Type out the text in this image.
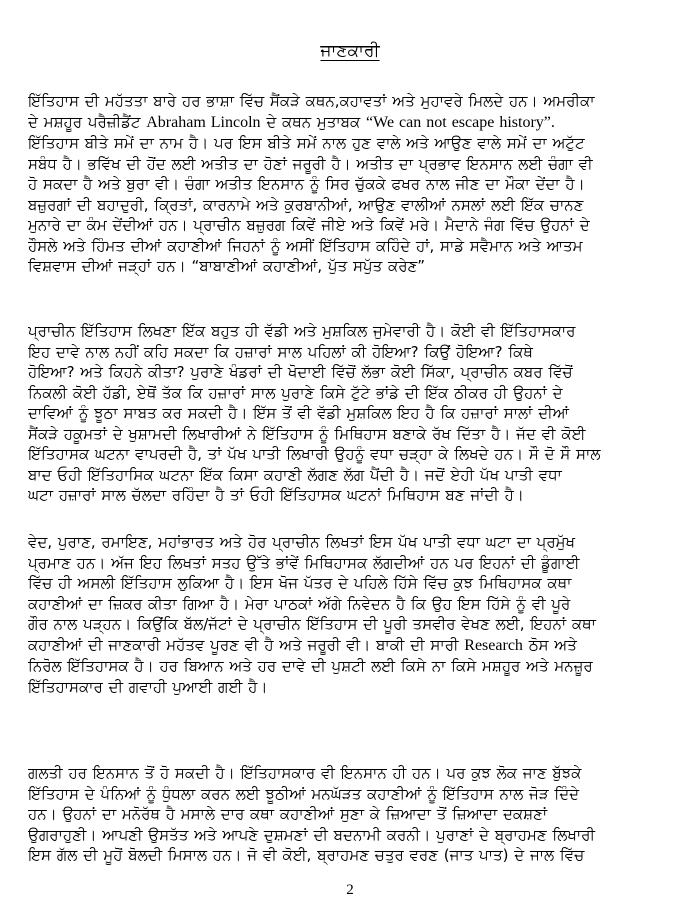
ਜਾਣਕਾਰੀ

ਇੱਤਿਹਾਸ ਦੀ ਮਹੱਤਤਾ ਬਾਰੇ ਹਰ ਭਾਸ਼ਾ ਵਿੱਚ ਸੈਂਕੜੇ ਕਥਨ,ਕਹਾਵਤਾਂ ਅਤੇ ਮੁਹਾਵਰੇ ਮਿਲਦੇ ਹਨ। ਅਮਰੀਕਾ
ਦੇ ਮਸ਼ਹੂਰ ਪਰੈਜ਼ੀਡੈਂਟ Abraham Lincoln ਦੇ ਕਥਨ ਮੁਤਾਬਕ “We can not escape history”.
ਇੱਤਿਹਾਸ ਬੀਤੇ ਸਮੇਂ ਦਾ ਨਾਮ ਹੈ। ਪਰ ਇਸ ਬੀਤੇ ਸਮੇਂ ਨਾਲ ਹੁਣ ਵਾਲੇ ਅਤੇ ਆਉਣ ਵਾਲੇ ਸਮੇਂ ਦਾ ਅਟੁੱਟ
ਸਬੰਧ ਹੈ। ਭਵਿੱਖ ਦੀ ਹੋਂਦ ਲਈ ਅਤੀਤ ਦਾ ਹੋਣਾਂ ਜਰੂਰੀ ਹੈ। ਅਤੀਤ ਦਾ ਪ੍ਰਭਾਵ ਇਨਸਾਨ ਲਈ ਚੰਗਾ ਵੀ
ਹੋ ਸਕਦਾ ਹੈ ਅਤੇ ਬੁਰਾ ਵੀ। ਚੰਗਾ ਅਤੀਤ ਇਨਸਾਨ ਨੂੰ ਸਿਰ ਚੁੱਕਕੇ ਫਖਰ ਨਾਲ ਜੀਣ ਦਾ ਮੌਕਾ ਦੇਂਦਾ ਹੈ।
ਬਜ਼ੁਰਗਾਂ ਦੀ ਬਹਾਦੁਰੀ, ਕ੍ਰਿਤਾਂ, ਕਾਰਨਾਮੇ ਅਤੇ ਕੁਰਬਾਨੀਆਂ, ਆਉਣ ਵਾਲੀਆਂ ਨਸਲਾਂ ਲਈ ਇੱਕ ਚਾਨਣ
ਮੁਨਾਰੇ ਦਾ ਕੰਮ ਦੇਂਦੀਆਂ ਹਨ। ਪ੍ਰਾਚੀਨ ਬਜ਼ੁਰਗ ਕਿਵੇਂ ਜੀਏ ਅਤੇ ਕਿਵੇਂ ਮਰੇ। ਮੈਦਾਨੇ ਜੰਗ ਵਿੱਚ ਉਹਨਾਂ ਦੇ
ਹੌਸਲੇ ਅਤੇ ਹਿੰਮਤ ਦੀਆਂ ਕਹਾਣੀਆਂ ਜਿਹਨਾਂ ਨੂੰ ਅਸੀਂ ਇੱਤਿਹਾਸ ਕਹਿੰਦੇ ਹਾਂ, ਸਾਡੇ ਸਵੈਮਾਨ ਅਤੇ ਆਤਮ
ਵਿਸ਼ਵਾਸ ਦੀਆਂ ਜੜ੍ਹਾਂ ਹਨ। “ਬਾਬਾਣੀਆਂ ਕਹਾਣੀਆਂ, ਪੁੱਤ ਸਪੁੱਤ ਕਰੇਣ”

ਪ੍ਰਾਚੀਨ ਇੱਤਿਹਾਸ ਲਿਖਣਾ ਇੱਕ ਬਹੁਤ ਹੀ ਵੱਡੀ ਅਤੇ ਮੁਸ਼ਕਿਲ ਜੁਮੇਵਾਰੀ ਹੈ। ਕੋਈ ਵੀ ਇੱਤਿਹਾਸਕਾਰ
ਇਹ ਦਾਵੇ ਨਾਲ ਨਹੀਂ ਕਹਿ ਸਕਦਾ ਕਿ ਹਜ਼ਾਰਾਂ ਸਾਲ ਪਹਿਲਾਂ ਕੀ ਹੋਇਆ? ਕਿਉਂ ਹੋਇਆ? ਕਿਥੇ
ਹੋਇਆ? ਅਤੇ ਕਿਹਨੇ ਕੀਤਾ? ਪੁਰਾਣੇ ਖੰਡਰਾਂ ਦੀ ਖੋਦਾਈ ਵਿੱਚੋਂ ਲੱਭਾ ਕੋਈ ਸਿੱਕਾ, ਪ੍ਰਾਚੀਨ ਕਬਰ ਵਿੱਚੋਂ
ਨਿਕਲੀ ਕੋਈ ਹੱਡੀ, ਏਥੋਂ ਤੱਕ ਕਿ ਹਜ਼ਾਰਾਂ ਸਾਲ ਪੁਰਾਣੇ ਕਿਸੇ ਟੁੱਟੇ ਭਾਂਡੇ ਦੀ ਇੱਕ ਠੀਕਰ ਹੀ ਉਹਨਾਂ ਦੇ
ਦਾਵਿਆਂ ਨੂੰ ਝੂਠਾ ਸਾਬਤ ਕਰ ਸਕਦੀ ਹੈ। ਇੱਸ ਤੋਂ ਵੀ ਵੱਡੀ ਮੁਸ਼ਕਿਲ ਇਹ ਹੈ ਕਿ ਹਜ਼ਾਰਾਂ ਸਾਲਾਂ ਦੀਆਂ
ਸੈਂਕੜੇ ਹਕੂਮਤਾਂ ਦੇ ਖੁਸ਼ਾਮਦੀ ਲਿਖਾਰੀਆਂ ਨੇ ਇੱਤਿਹਾਸ ਨੂੰ ਮਿਥਿਹਾਸ ਬਣਾਕੇ ਰੱਖ ਦਿੱਤਾ ਹੈ। ਜੱਦ ਵੀ ਕੋਈ
ਇੱਤਿਹਾਸਕ ਘਟਨਾ ਵਾਪਰਦੀ ਹੈ, ਤਾਂ ਪੱਖ ਪਾਤੀ ਲਿਖਾਰੀ ਉਹਨੂੰ ਵਧਾ ਚੜ੍ਹਾ ਕੇ ਲਿਖਦੇ ਹਨ। ਸੌ ਦੋ ਸੌ ਸਾਲ
ਬਾਦ ਓਹੀ ਇੱਤਿਹਾਸਿਕ ਘਟਨਾ ਇੱਕ ਕਿਸਾ ਕਹਾਣੀ ਲੱਗਣ ਲੱਗ ਪੈਂਦੀ ਹੈ। ਜਦੋਂ ਏਹੀ ਪੱਖ ਪਾਤੀ ਵਧਾ
ਘਟਾ ਹਜ਼ਾਰਾਂ ਸਾਲ ਚੱਲਦਾ ਰਹਿੰਦਾ ਹੈ ਤਾਂ ਓਹੀ ਇੱਤਿਹਾਸਕ ਘਟਨਾਂ ਮਿਥਿਹਾਸ ਬਣ ਜਾਂਦੀ ਹੈ।

ਵੇਦ, ਪੁਰਾਣ, ਰਮਾਇਣ, ਮਹਾਂਭਾਰਤ ਅਤੇ ਹੋਰ ਪ੍ਰਾਚੀਨ ਲਿਖਤਾਂ ਇਸ ਪੱਖ ਪਾਤੀ ਵਧਾ ਘਟਾ ਦਾ ਪ੍ਰਮੁੱਖ
ਪ੍ਰਮਾਣ ਹਨ। ਅੱਜ ਇਹ ਲਿਖਤਾਂ ਸਤਹ ਉੱਤੇ ਭਾਂਵੇਂ ਮਿਥਿਹਾਸਕ ਲੱਗਦੀਆਂ ਹਨ ਪਰ ਇਹਨਾਂ ਦੀ ਡੂੰਗਾਈ
ਵਿੱਚ ਹੀ ਅਸਲੀ ਇੱਤਿਹਾਸ ਲੁਕਿਆ ਹੈ। ਇਸ ਖੋਜ ਪੱਤਰ ਦੇ ਪਹਿਲੇ ਹਿੱਸੇ ਵਿੱਚ ਕੁਝ ਮਿਥਿਹਾਸਕ ਕਥਾ
ਕਹਾਣੀਆਂ ਦਾ ਜ਼ਿਕਰ ਕੀਤਾ ਗਿਆ ਹੈ। ਮੇਰਾ ਪਾਠਕਾਂ ਅੱਗੇ ਨਿਵੇਦਨ ਹੈ ਕਿ ਉਹ ਇਸ ਹਿੱਸੇ ਨੂੰ ਵੀ ਪੂਰੇ
ਗੌਰ ਨਾਲ ਪੜ੍ਹਨ। ਕਿਉਂਕਿ ਬੱਲ/ਜੱਟਾਂ ਦੇ ਪ੍ਰਾਚੀਨ ਇੱਤਿਹਾਸ ਦੀ ਪੂਰੀ ਤਸਵੀਰ ਵੇਖਣ ਲਈ, ਇਹਨਾਂ ਕਥਾ
ਕਹਾਣੀਆਂ ਦੀ ਜਾਣਕਾਰੀ ਮਹੱਤਵ ਪੂਰਣ ਵੀ ਹੈ ਅਤੇ ਜਰੂਰੀ ਵੀ। ਬਾਕੀ ਦੀ ਸਾਰੀ Research ਠੋਸ ਅਤੇ
ਨਿਰੋਲ ਇੱਤਿਹਾਸਕ ਹੈ। ਹਰ ਬਿਆਨ ਅਤੇ ਹਰ ਦਾਵੇ ਦੀ ਪੁਸ਼ਟੀ ਲਈ ਕਿਸੇ ਨਾ ਕਿਸੇ ਮਸ਼ਹੂਰ ਅਤੇ ਮਨਜ਼ੂਰ
ਇੱਤਿਹਾਸਕਾਰ ਦੀ ਗਵਾਹੀ ਪੁਆਈ ਗਈ ਹੈ।

ਗਲਤੀ ਹਰ ਇਨਸਾਨ ਤੋਂ ਹੋ ਸਕਦੀ ਹੈ। ਇੱਤਿਹਾਸਕਾਰ ਵੀ ਇਨਸਾਨ ਹੀ ਹਨ। ਪਰ ਕੁਝ ਲੋਕ ਜਾਣ ਬੁੱਝਕੇ
ਇੱਤਿਹਾਸ ਦੇ ਪੰਨਿਆਂ ਨੂੰ ਧੁੰਧਲਾ ਕਰਨ ਲਈ ਝੂਠੀਆਂ ਮਨਘੱੜਤ ਕਹਾਣੀਆਂ ਨੂੰ ਇੱਤਿਹਾਸ ਨਾਲ ਜੋੜ ਦਿੰਦੇ
ਹਨ। ਉਹਨਾਂ ਦਾ ਮਨੋਰੱਥ ਹੈ ਮਸਾਲੇ ਦਾਰ ਕਥਾ ਕਹਾਣੀਆਂ ਸੁਣਾ ਕੇ ਜ਼ਿਆਦਾ ਤੋਂ ਜ਼ਿਆਦਾ ਦਕਸ਼ਣਾਂ
ਉਗਰਾਹੁਣੀ। ਆਪਣੀ ਉਸਤੱਤ ਅਤੇ ਆਪਣੇ ਦੁਸ਼ਮਣਾਂ ਦੀ ਬਦਨਾਮੀ ਕਰਨੀ। ਪੁਰਾਣਾਂ ਦੇ ਬ੍ਰਾਹਮਣ ਲਿਖਾਰੀ
ਇਸ ਗੱਲ ਦੀ ਮੂਹੋਂ ਬੋਲਦੀ ਮਿਸਾਲ ਹਨ। ਜੋ ਵੀ ਕੋਈ, ਬ੍ਰਾਹਮਣ ਚਤੁਰ ਵਰਣ (ਜਾਤ ਪਾਤ) ਦੇ ਜਾਲ ਵਿੱਚ

2
